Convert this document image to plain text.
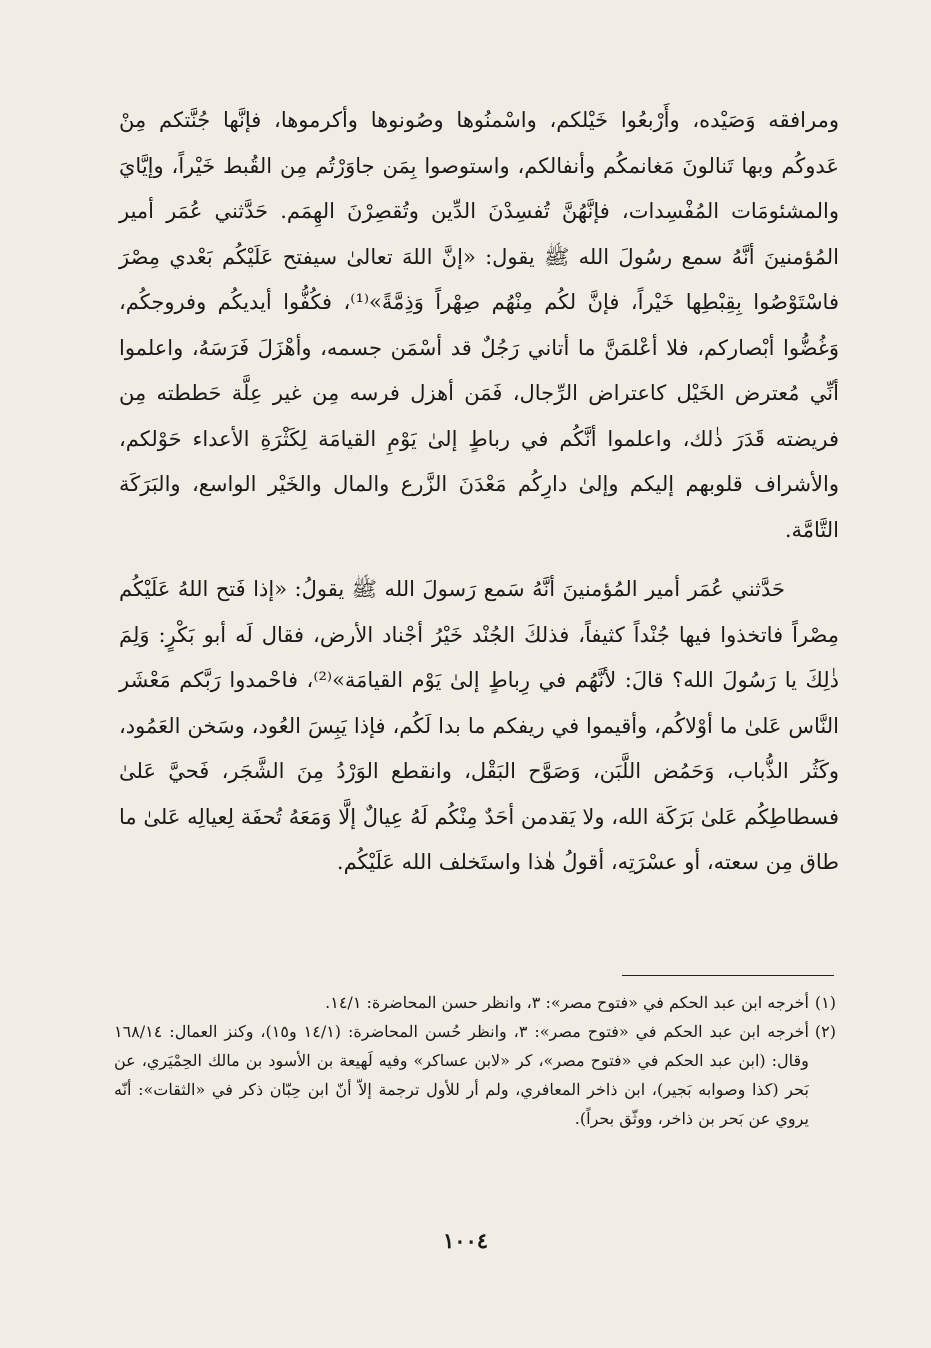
ومرافقه وَصَيْده، وأَرْبعُوا خَيْلكم، واسْمنُوها وصُونوها وأكرموها، فإنَّها جُنَّتكم مِنْ عَدوكُم وبها تَنالونَ مَغانمكُم وأنفالكم، واستوصوا بِمَن جاوَرْتُم مِن القُبط خَيْراً، وإيَّايَ والمشئومَات المُفْسِدات، فإنَّهُنَّ تُفسِدْنَ الدِّين وتُقصِرْنَ الهِمَم. حَدَّثني عُمَر أمير المُؤمنينَ أنَّهُ سمع رسُولَ الله ﷺ يقول: «إنَّ اللهَ تعالىٰ سيفتح عَلَيْكُم بَعْدي مِصْرَ فاسْتَوْصُوا بِقِبْطِها خَيْراً، فإنَّ لكُم مِنْهُم صِهْراً وَذِمَّةً»⁽¹⁾، فكُفُّوا أيديكُم وفروجكُم، وَغُضُّوا أبْصاركم، فلا أعْلمَنَّ ما أتاني رَجُلٌ قد أسْمَن جسمه، وأهْزَلَ فَرَسَهُ، واعلموا أنِّي مُعترض الخَيْل كاعتراض الرِّجال، فَمَن أهزل فرسه مِن غير عِلَّة حَططته مِن فريضته قَدَرَ ذٰلك، واعلموا أنَّكُم في رباطٍ إلىٰ يَوْمِ القيامَة لِكَثْرَةِ الأعداء حَوْلكم، والأشراف قلوبهم إليكم وإلىٰ دارِكُم مَعْدَنَ الزَّرع والمال والخَيْر الواسع، والبَرَكَة التَّامَّة.

حَدَّثني عُمَر أمير المُؤمنينَ أنَّهُ سَمع رَسولَ الله ﷺ يقولُ: «إذا فَتح اللهُ عَلَيْكُم مِصْراً فاتخذوا فيها جُنْداً كثيفاً، فذلكَ الجُنْد خَيْرُ أجْناد الأرض، فقال لَه أبو بَكْرٍ: وَلِمَ ذٰلِكَ يا رَسُولَ الله؟ قالَ: لأنَّهُم في رِباطٍ إلىٰ يَوْم القيامَة»⁽²⁾، فاحْمدوا رَبَّكم مَعْشَر النَّاس عَلىٰ ما أوْلاكُم، وأقيموا في ريفكم ما بدا لَكُم، فإذا يَبِسَ العُود، وسَخن العَمُود، وكَثُر الذُّباب، وَحَمُض اللَّبَن، وَصَوَّح البَقْل، وانقطع الوَرْدُ مِنَ الشَّجَر، فَحيَّ عَلىٰ فسطاطِكُم عَلىٰ بَرَكَة الله، ولا يَقدمن أحَدٌ مِنْكُم لَهُ عِيالٌ إلَّا وَمَعَهُ تُحفَة لِعيالِه عَلىٰ ما طاق مِن سعته، أو عسْرَتِه، أقولُ هٰذا واستَخلف الله عَلَيْكُم.

(١)
أخرجه ابن عبد الحكم في «فتوح مصر»: ٣، وانظر حسن المحاضرة: ١٤/١.
(٢)
أخرجه ابن عبد الحكم في «فتوح مصر»: ٣، وانظر حُسن المحاضرة: (١٤/١ و١٥)، وكنز العمال: ١٦٨/١٤ وقال: (ابن عبد الحكم في «فتوح مصر»، كر «لابن عساكر» وفيه لَهيعة بن الأسود بن مالك الحِمْيَري، عن بَحر (كذا وصوابه بَجير)، ابن ذاخر المعافري، ولم أر للأول ترجمة إلاّ أنّ ابن حِبّان ذكر في «الثقات»: أنّه يروي عن بَحر بن ذاخر، ووثّق بحراً).
١٠٠٤
